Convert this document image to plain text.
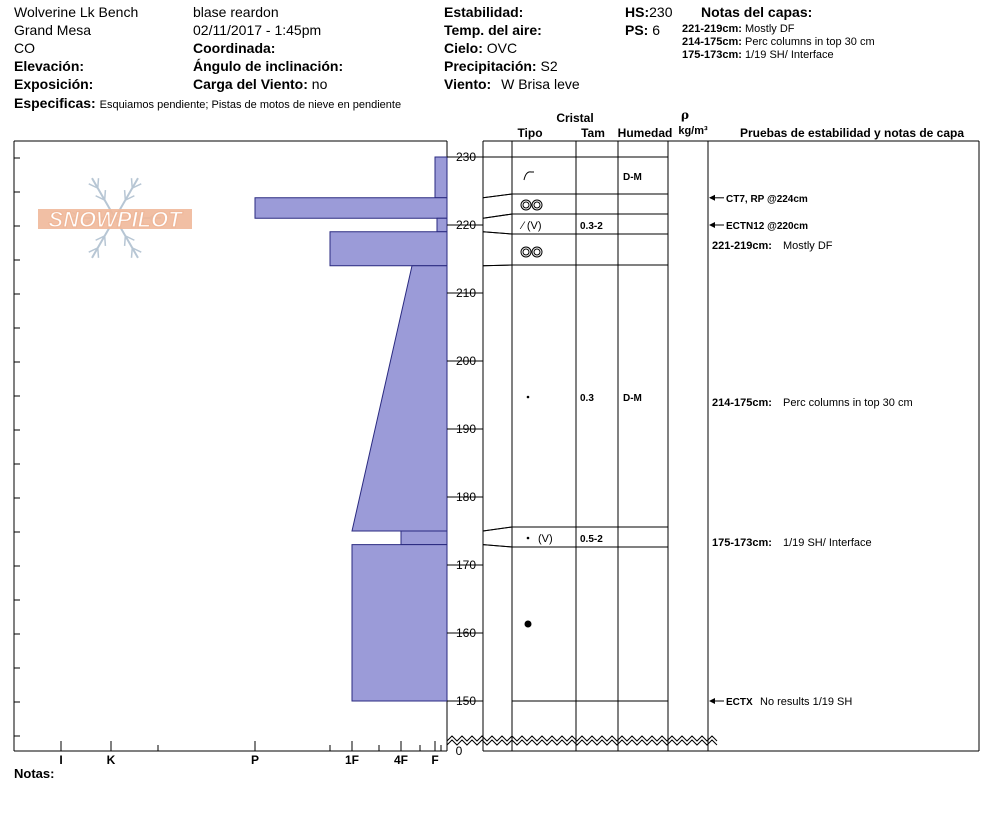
Wolverine Lk Bench
Grand Mesa
CO
Elevación:
Exposición:
Especificas: Esquiamos pendiente; Pistas de motos de nieve en pendiente
blase reardon
02/11/2017 - 1:45pm
Coordinada:
Ángulo de inclinación:
Carga del Viento: no
Estabilidad:
Temp. del aire:
Cielo: OVC
Precipitación: S2
Viento: W Brisa leve
HS:230
PS: 6
Notas del capas:
221-219cm: Mostly DF
214-175cm: Perc columns in top 30 cm
175-173cm: 1/19 SH/ Interface
SNOWPILOT
I	K	P	1F	4F F
150
160
170
180
190
200
210
220
230
0
D-M
⁄ (V)	0.3-2
0.3	D-M
(V)	0.5-2
CT7, RP @224cm
ECTN12 @220cm
ECTX No results 1/19 SH
221-219cm: Mostly DF
214-175cm: Perc columns in top 30 cm
175-173cm: 1/19 SH/ Interface
Cristal
Tipo	Tam Humedad
ρ
kg/m³	Pruebas de estabilidad y notas de capa
Notas:
